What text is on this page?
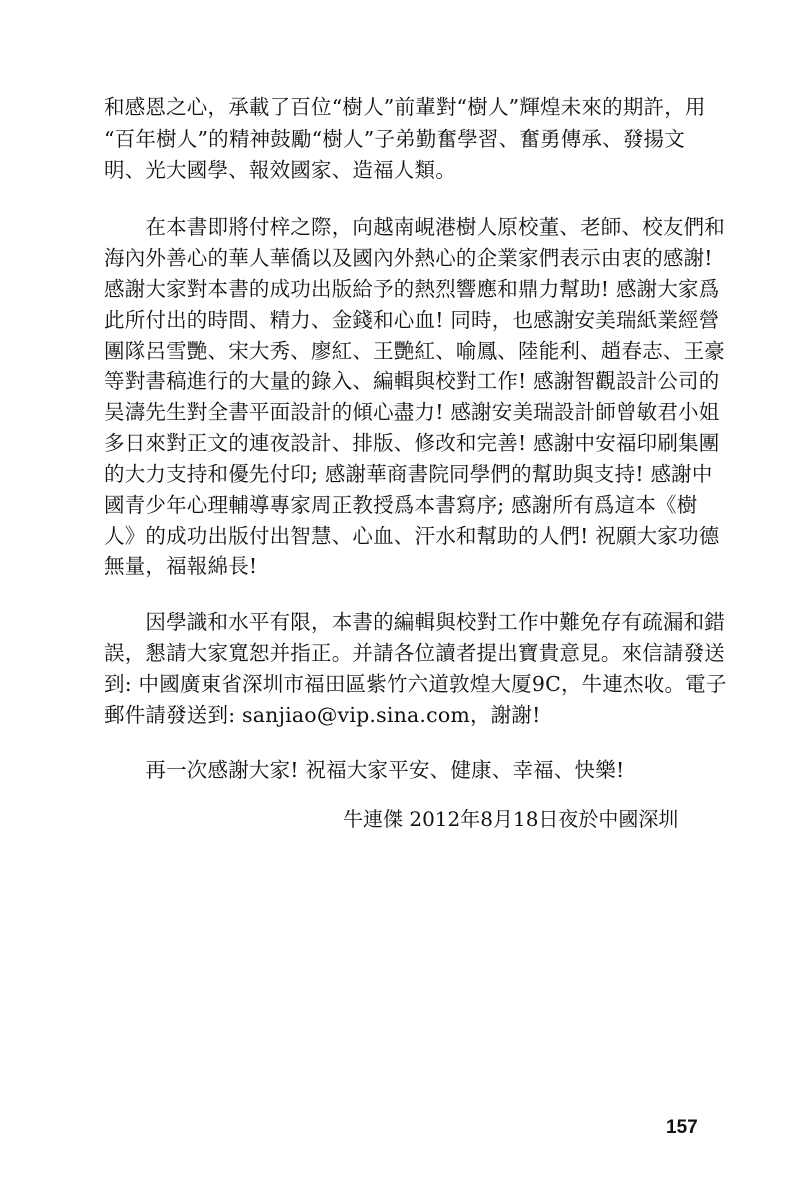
和感恩之心，承載了百位“樹人”前輩對“樹人”輝煌未來的期許，用
“百年樹人”的精神鼓勵“樹人”子弟勤奮學習、奮勇傳承、發揚文
明、光大國學、報效國家、造福人類。
　　在本書即將付梓之際，向越南峴港樹人原校董、老師、校友們和
海內外善心的華人華僑以及國內外熱心的企業家們表示由衷的感謝!
感謝大家對本書的成功出版給予的熱烈響應和鼎力幫助! 感謝大家爲
此所付出的時間、精力、金錢和心血! 同時，也感謝安美瑞紙業經營
團隊呂雪艷、宋大秀、廖紅、王艷紅、喻鳳、陸能利、趙春志、王豪
等對書稿進行的大量的錄入、編輯與校對工作! 感謝智觀設計公司的
吴濤先生對全書平面設計的傾心盡力! 感謝安美瑞設計師曾敏君小姐
多日來對正文的連夜設計、排版、修改和完善! 感謝中安福印刷集團
的大力支持和優先付印; 感謝華商書院同學們的幫助與支持! 感謝中
國青少年心理輔導專家周正教授爲本書寫序; 感謝所有爲這本《樹
人》的成功出版付出智慧、心血、汗水和幫助的人們! 祝願大家功德
無量，福報綿長!
　　因學識和水平有限，本書的編輯與校對工作中難免存有疏漏和錯
誤，懇請大家寬恕并指正。并請各位讀者提出寶貴意見。來信請發送
到: 中國廣東省深圳市福田區紫竹六道敦煌大厦9C，牛連杰收。電子
郵件請發送到: sanjiao@vip.sina.com，謝謝!
　　再一次感謝大家! 祝福大家平安、健康、幸福、快樂!
牛連傑 2012年8月18日夜於中國深圳
157
